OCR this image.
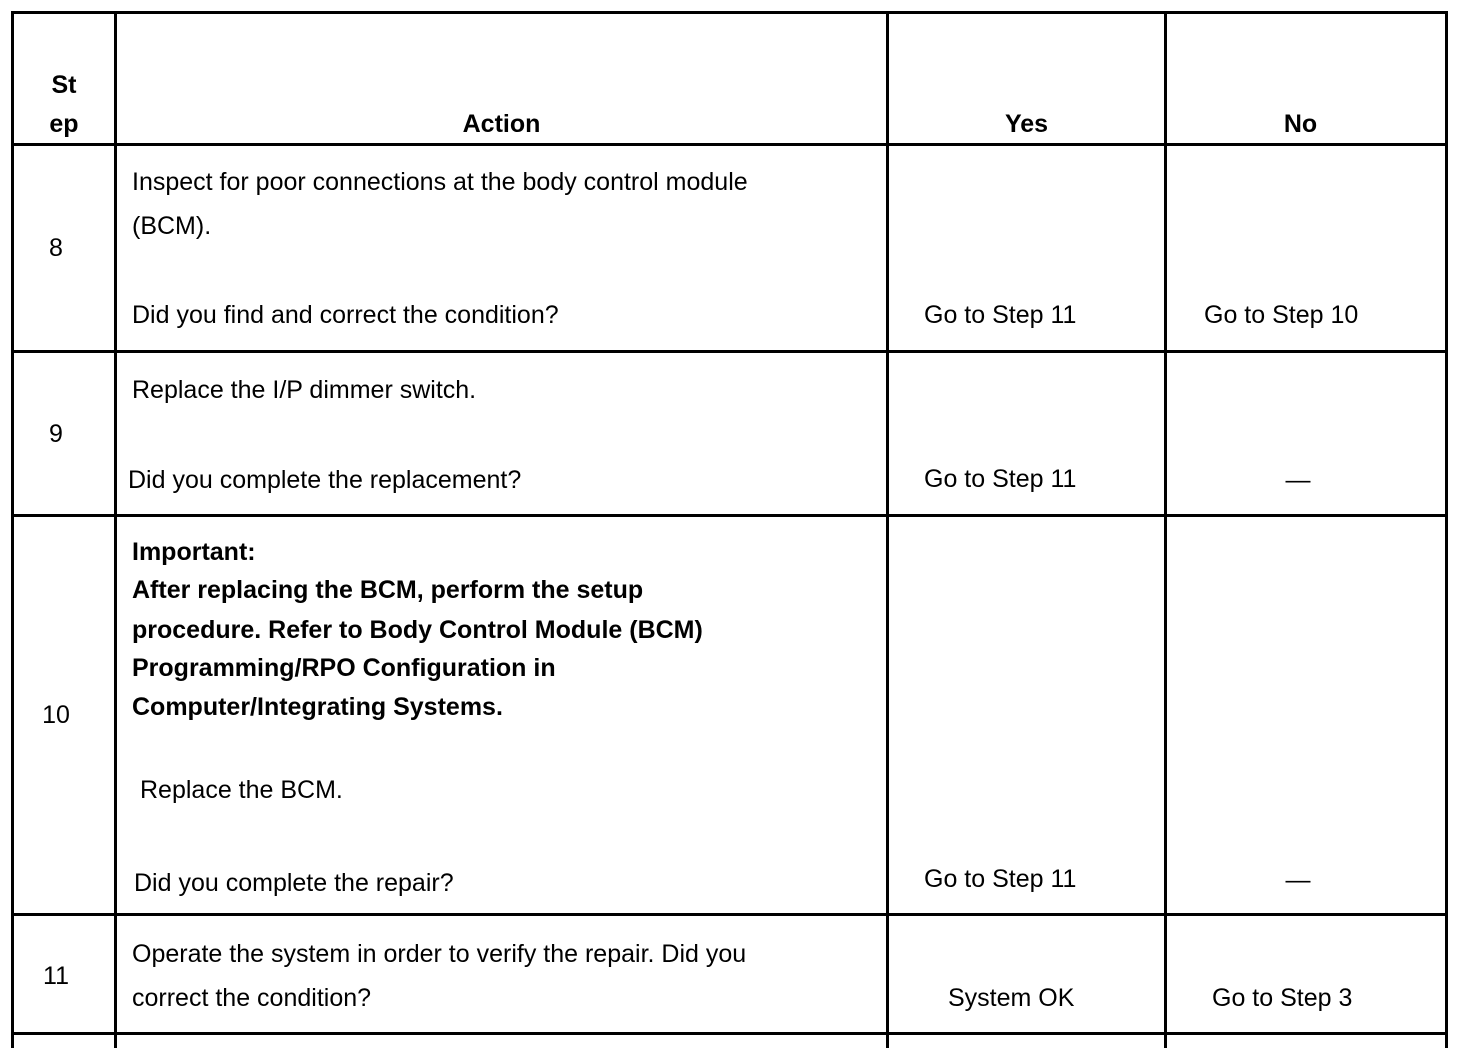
St
ep	Action	Yes	No
8
Inspect for poor connections at the body control module
(BCM).
Did you find and correct the condition?	Go to Step 11	Go to Step 10
9
Replace the I/P dimmer switch.
Did you complete the replacement?	Go to Step 11	—
10
Important:
After replacing the BCM, perform the setup
procedure. Refer to Body Control Module (BCM)
Programming/RPO Configuration in
Computer/Integrating Systems.
Replace the BCM.
Did you complete the repair?	Go to Step 11	—
11
Operate the system in order to verify the repair. Did you
correct the condition?	System OK	Go to Step 3
